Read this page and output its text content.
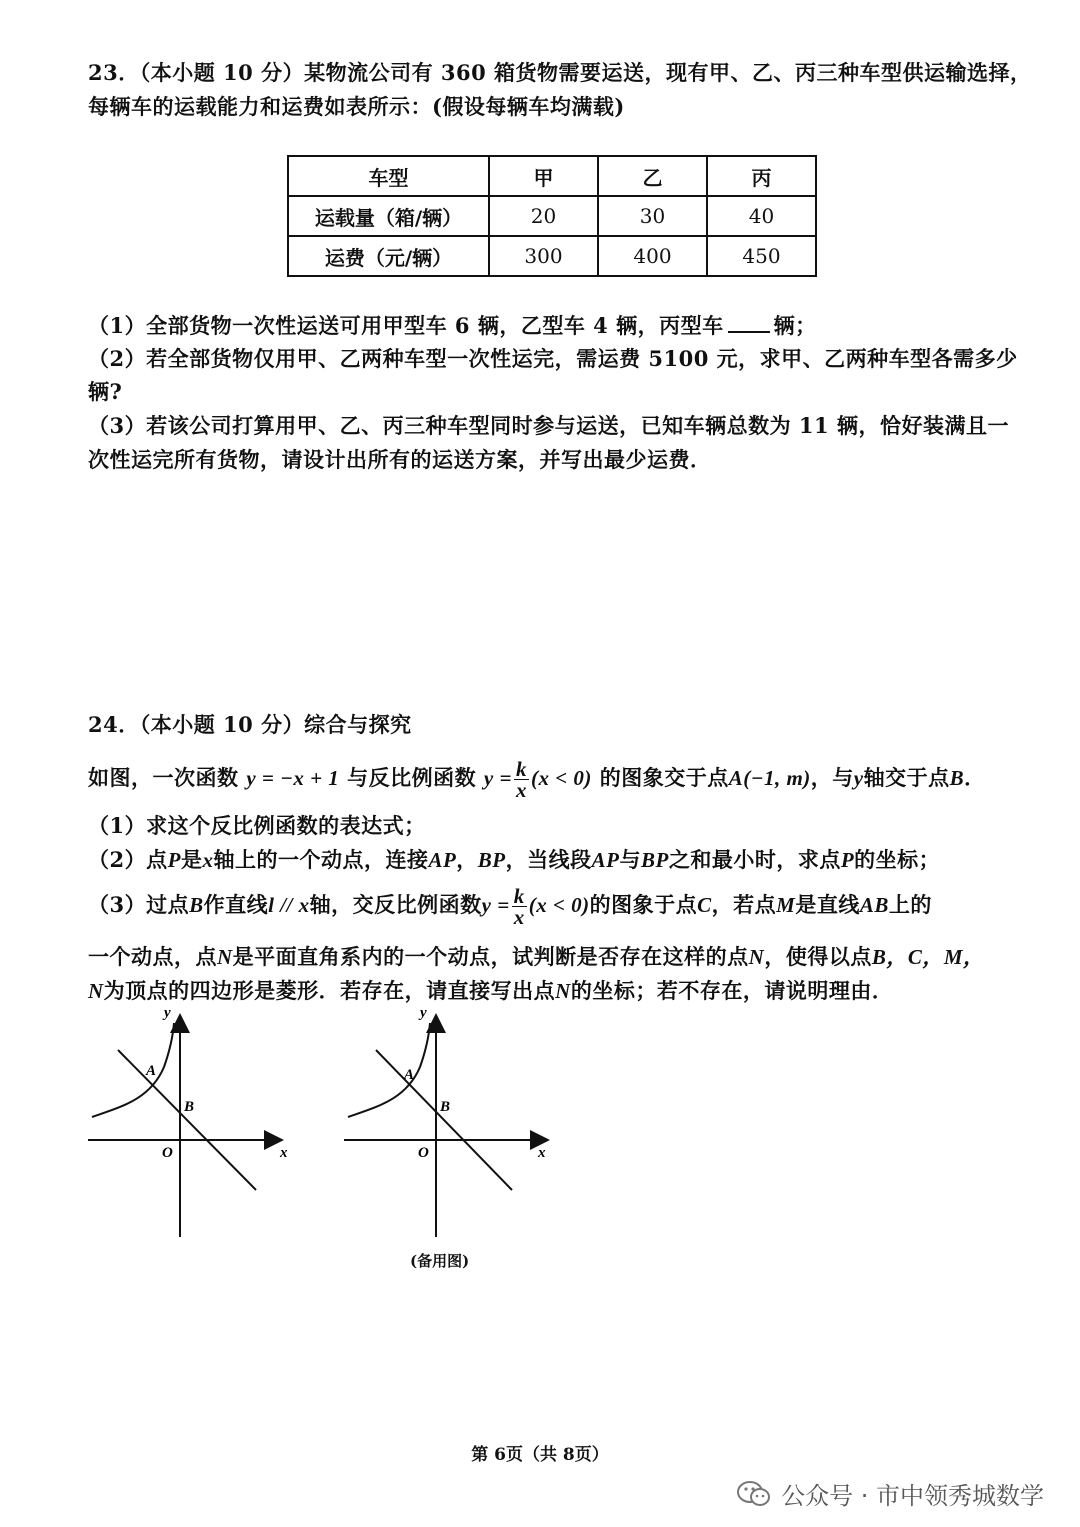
23．（本小题 10 分）某物流公司有 360 箱货物需要运送，现有甲、乙、丙三种车型供运输选择，
每辆车的运载能力和运费如表所示：(假设每辆车均满载)
车型	甲	乙	丙
运载量（箱/辆）	20	30	40
运费（元/辆）	300	400	450
（1）全部货物一次性运送可用甲型车 6 辆，乙型车 4 辆，丙型车 辆；
（2）若全部货物仅用甲、乙两种车型一次性运完，需运费 5100 元，求甲、乙两种车型各需多少
辆?
（3）若该公司打算用甲、乙、丙三种车型同时参与运送，已知车辆总数为 11 辆，恰好装满且一
次性运完所有货物，请设计出所有的运送方案，并写出最少运费．
24．（本小题 10 分）综合与探究
如图，一次函数 y = −x + 1 与反比例函数 $y = \frac{k}{x} (x < 0)$ 的图象交于点A(−1, m)，与y轴交于点B．
（1）求这个反比例函数的表达式；
（2）点P是x轴上的一个动点，连接AP，BP，当线段AP与BP之和最小时，求点P的坐标；
（3）过点B作直线l // x轴，交反比例函数$y = \frac{k}{x} (x < 0)$的图象于点C，若点M是直线AB上的
一个动点，点N是平面直角系内的一个动点，试判断是否存在这样的点N，使得以点B，C，M，
N为顶点的四边形是菱形．若存在，请直接写出点N的坐标；若不存在，请说明理由．
y
x
O
A
B
y
x
O
A
B
(备用图)
第 6页（共 8页）
公众号 · 市中领秀城数学
